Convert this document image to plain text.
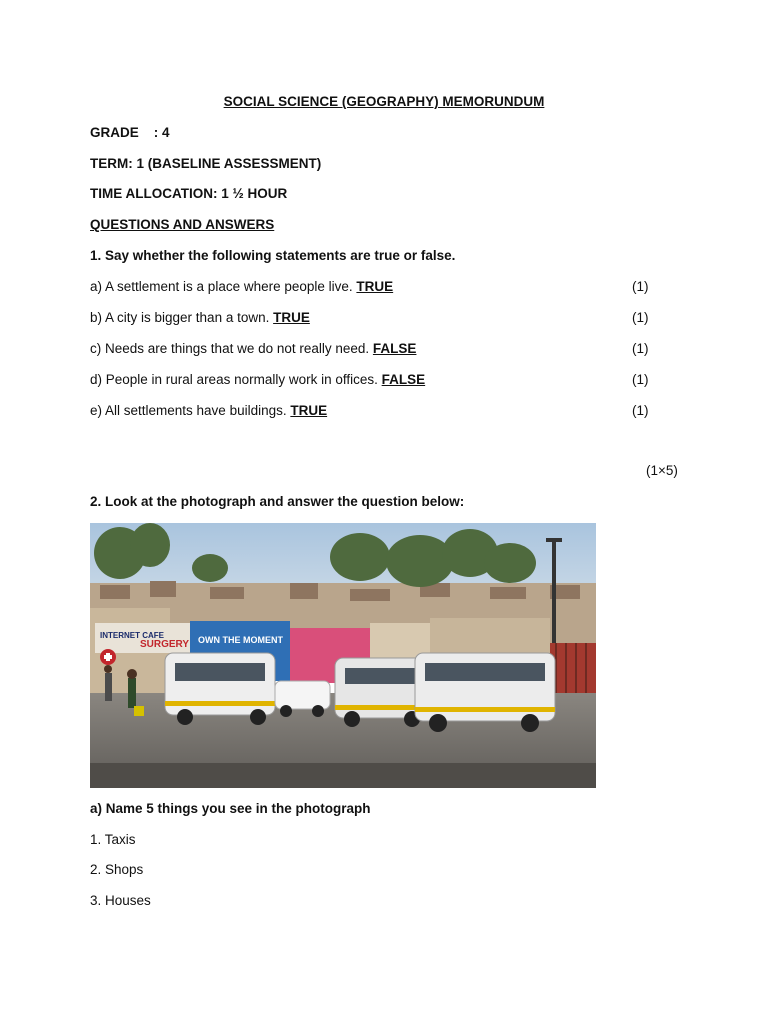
SOCIAL SCIENCE (GEOGRAPHY) MEMORUNDUM
GRADE    : 4
TERM: 1 (BASELINE ASSESSMENT)
TIME ALLOCATION: 1 ½ HOUR
QUESTIONS AND ANSWERS
1. Say whether the following statements are true or false.
a) A settlement is a place where people live. TRUE	(1)
b) A city is bigger than a town. TRUE	(1)
c) Needs are things that we do not really need. FALSE	(1)
d) People in rural areas normally work in offices. FALSE	(1)
e) All settlements have buildings. TRUE	(1)
(1×5)
2. Look at the photograph and answer the question below:
INTERNET CAFE
SURGERY OWN THE MOMENT
a) Name 5 things you see in the photograph
1. Taxis
2. Shops
3. Houses
